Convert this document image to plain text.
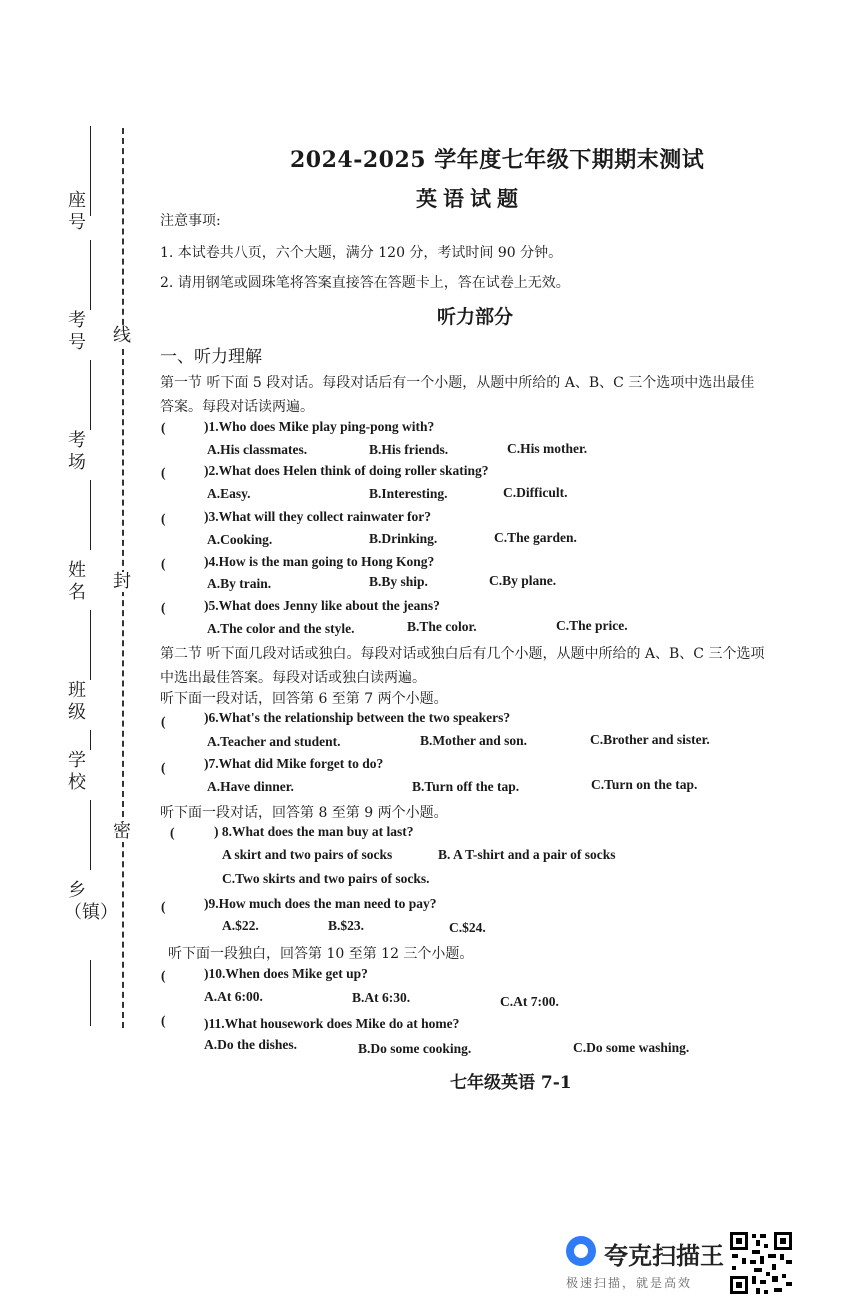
座号
考号
考场
姓名
班级
学校
乡（镇）
线
封
密
2024-2025 学年度七年级下期期末测试
英语试题
注意事项:
1. 本试卷共八页，六个大题，满分 120 分，考试时间 90 分钟。
2. 请用钢笔或圆珠笔将答案直接答在答题卡上，答在试卷上无效。
听力部分
一、听力理解
第一节 听下面 5 段对话。每段对话后有一个小题，从题中所给的 A、B、C 三个选项中选出最佳
答案。每段对话读两遍。
(	)1.Who does Mike play ping-pong with?
A.His classmates.	B.His friends.	C.His mother.
(	)2.What does Helen think of doing roller skating?
A.Easy.	B.Interesting.	C.Difficult.
(	)3.What will they collect rainwater for?
A.Cooking.	B.Drinking.	C.The garden.
(	)4.How is the man going to Hong Kong?
A.By train.	B.By ship.	C.By plane.
(	)5.What does Jenny like about the jeans?
A.The color and the style.	B.The color.	C.The price.
第二节 听下面几段对话或独白。每段对话或独白后有几个小题，从题中所给的 A、B、C 三个选项
中选出最佳答案。每段对话或独白读两遍。
听下面一段对话，回答第 6 至第 7 两个小题。
(	)6.What's the relationship between the two speakers?
A.Teacher and student.	B.Mother and son.	C.Brother and sister.
(	)7.What did Mike forget to do?
A.Have dinner.	B.Turn off the tap.	C.Turn on the tap.
听下面一段对话，回答第 8 至第 9 两个小题。
(	) 8.What does the man buy at last?
A skirt and two pairs of socks	B. A T-shirt and a pair of socks
C.Two skirts and two pairs of socks.
(	)9.How much does the man need to pay?
A.$22.	B.$23.	C.$24.
听下面一段独白，回答第 10 至第 12 三个小题。
(	)10.When does Mike get up?
A.At 6:00.	B.At 6:30.	C.At 7:00.
(	)11.What housework does Mike do at home?
A.Do the dishes.	B.Do some cooking.	C.Do some washing.
七年级英语 7-1
夸克扫描王
极速扫描，就是高效
